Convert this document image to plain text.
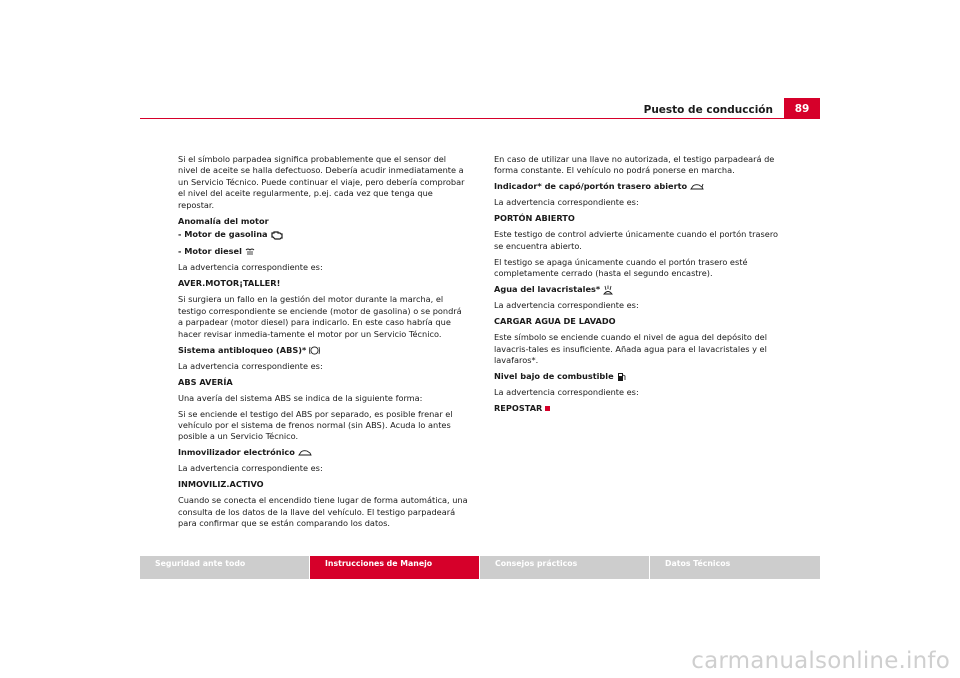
Puesto de conducción	89

Si el símbolo parpadea significa probablemente que el sensor del nivel de aceite se halla defectuoso. Debería acudir inmediatamente a un Servicio Técnico. Puede continuar el viaje, pero debería comprobar el nivel del aceite regularmente, p.ej. cada vez que tenga que repostar.

Anomalía del motor

- Motor de gasolina

- Motor diesel

La advertencia correspondiente es:

AVER.MOTOR¡TALLER!

Si surgiera un fallo en la gestión del motor durante la marcha, el testigo correspondiente se enciende (motor de gasolina) o se pondrá a parpadear (motor diesel) para indicarlo. En este caso habría que hacer revisar inmedia-tamente el motor por un Servicio Técnico.

Sistema antibloqueo (ABS)*

La advertencia correspondiente es:

ABS AVERÍA

Una avería del sistema ABS se indica de la siguiente forma:

Si se enciende el testigo del ABS por separado, es posible frenar el vehículo por el sistema de frenos normal (sin ABS). Acuda lo antes posible a un Servicio Técnico.

Inmovilizador electrónico

La advertencia correspondiente es:

INMOVILIZ.ACTIVO

Cuando se conecta el encendido tiene lugar de forma automática, una consulta de los datos de la llave del vehículo. El testigo parpadeará para confirmar que se están comparando los datos.

En caso de utilizar una llave no autorizada, el testigo parpadeará de forma constante. El vehículo no podrá ponerse en marcha.

Indicador* de capó/portón trasero abierto

La advertencia correspondiente es:

PORTÓN ABIERTO

Este testigo de control advierte únicamente cuando el portón trasero se encuentra abierto.

El testigo se apaga únicamente cuando el portón trasero esté completamente cerrado (hasta el segundo encastre).

Agua del lavacristales*

La advertencia correspondiente es:

CARGAR AGUA DE LAVADO

Este símbolo se enciende cuando el nivel de agua del depósito del lavacris-tales es insuficiente. Añada agua para el lavacristales y el lavafaros*.

Nivel bajo de combustible

La advertencia correspondiente es:

REPOSTAR

Seguridad ante todo	Instrucciones de Manejo	Consejos prácticos	Datos Técnicos
carmanualsonline.info
